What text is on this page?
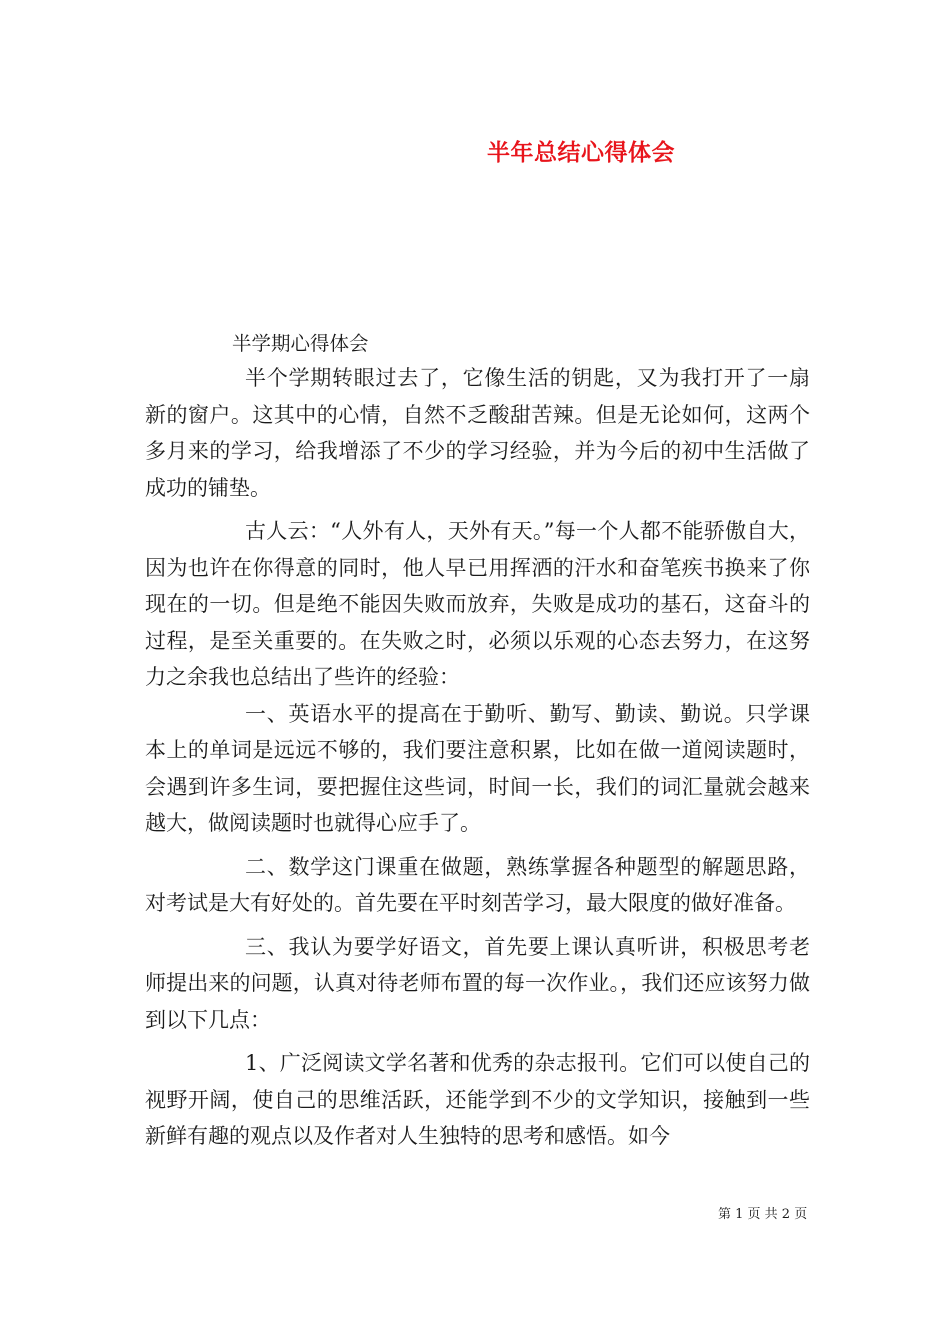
半年总结心得体会
半学期心得体会

半个学期转眼过去了，它像生活的钥匙，又为我打开了一扇新的窗户。这其中的心情，自然不乏酸甜苦辣。但是无论如何，这两个多月来的学习，给我增添了不少的学习经验，并为今后的初中生活做了成功的铺垫。

古人云：“人外有人，天外有天。”每一个人都不能骄傲自大，因为也许在你得意的同时，他人早已用挥洒的汗水和奋笔疾书换来了你现在的一切。但是绝不能因失败而放弃，失败是成功的基石，这奋斗的过程，是至关重要的。在失败之时，必须以乐观的心态去努力，在这努力之余我也总结出了些许的经验：

一、英语水平的提高在于勤听、勤写、勤读、勤说。只学课本上的单词是远远不够的，我们要注意积累，比如在做一道阅读题时，会遇到许多生词，要把握住这些词，时间一长，我们的词汇量就会越来越大，做阅读题时也就得心应手了。

二、数学这门课重在做题，熟练掌握各种题型的解题思路，对考试是大有好处的。首先要在平时刻苦学习，最大限度的做好准备。

三、我认为要学好语文，首先要上课认真听讲，积极思考老师提出来的问题，认真对待老师布置的每一次作业。，我们还应该努力做到以下几点：

1、广泛阅读文学名著和优秀的杂志报刊。它们可以使自己的视野开阔，使自己的思维活跃，还能学到不少的文学知识，接触到一些新鲜有趣的观点以及作者对人生独特的思考和感悟。如今

第 1 页 共 2 页
